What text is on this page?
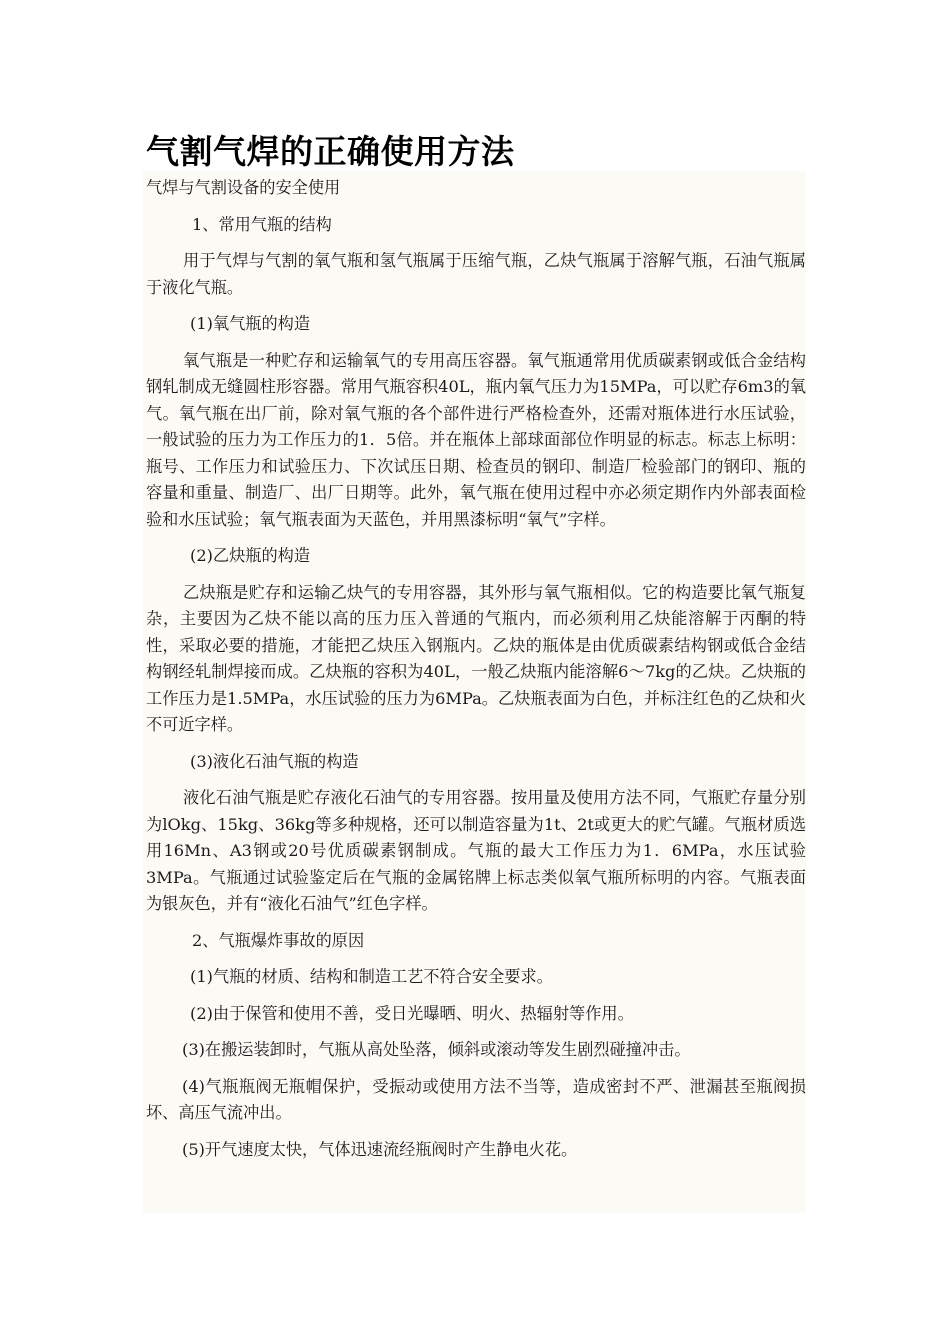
气割气焊的正确使用方法

气焊与气割设备的安全使用

1、常用气瓶的结构

用于气焊与气割的氧气瓶和氢气瓶属于压缩气瓶，乙炔气瓶属于溶解气瓶，石油气瓶属于液化气瓶。

(1)氧气瓶的构造

氧气瓶是一种贮存和运输氧气的专用高压容器。氧气瓶通常用优质碳素钢或低合金结构钢轧制成无缝圆柱形容器。常用气瓶容积40L，瓶内氧气压力为15MPa，可以贮存6m3的氧气。氧气瓶在出厂前，除对氧气瓶的各个部件进行严格检查外，还需对瓶体进行水压试验，一般试验的压力为工作压力的1．5倍。并在瓶体上部球面部位作明显的标志。标志上标明：瓶号、工作压力和试验压力、下次试压日期、检查员的钢印、制造厂检验部门的钢印、瓶的容量和重量、制造厂、出厂日期等。此外，氧气瓶在使用过程中亦必须定期作内外部表面检验和水压试验；氧气瓶表面为天蓝色，并用黑漆标明“氧气”字样。

(2)乙炔瓶的构造

乙炔瓶是贮存和运输乙炔气的专用容器，其外形与氧气瓶相似。它的构造要比氧气瓶复杂，主要因为乙炔不能以高的压力压入普通的气瓶内，而必须利用乙炔能溶解于丙酮的特性，采取必要的措施，才能把乙炔压入钢瓶内。乙炔的瓶体是由优质碳素结构钢或低合金结构钢经轧制焊接而成。乙炔瓶的容积为40L，一般乙炔瓶内能溶解6～7kg的乙炔。乙炔瓶的工作压力是1.5MPa，水压试验的压力为6MPa。乙炔瓶表面为白色，并标注红色的乙炔和火不可近字样。

(3)液化石油气瓶的构造

液化石油气瓶是贮存液化石油气的专用容器。按用量及使用方法不同，气瓶贮存量分别为lOkg、15kg、36kg等多种规格，还可以制造容量为1t、2t或更大的贮气罐。气瓶材质选用16Mn、A3钢或20号优质碳素钢制成。气瓶的最大工作压力为1．6MPa，水压试验3MPa。气瓶通过试验鉴定后在气瓶的金属铭牌上标志类似氧气瓶所标明的内容。气瓶表面为银灰色，并有“液化石油气”红色字样。

2、气瓶爆炸事故的原因

(1)气瓶的材质、结构和制造工艺不符合安全要求。

(2)由于保管和使用不善，受日光曝晒、明火、热辐射等作用。

(3)在搬运装卸时，气瓶从高处坠落，倾斜或滚动等发生剧烈碰撞冲击。

(4)气瓶瓶阀无瓶帽保护，受振动或使用方法不当等，造成密封不严、泄漏甚至瓶阀损坏、高压气流冲出。

(5)开气速度太快，气体迅速流经瓶阀时产生静电火花。
